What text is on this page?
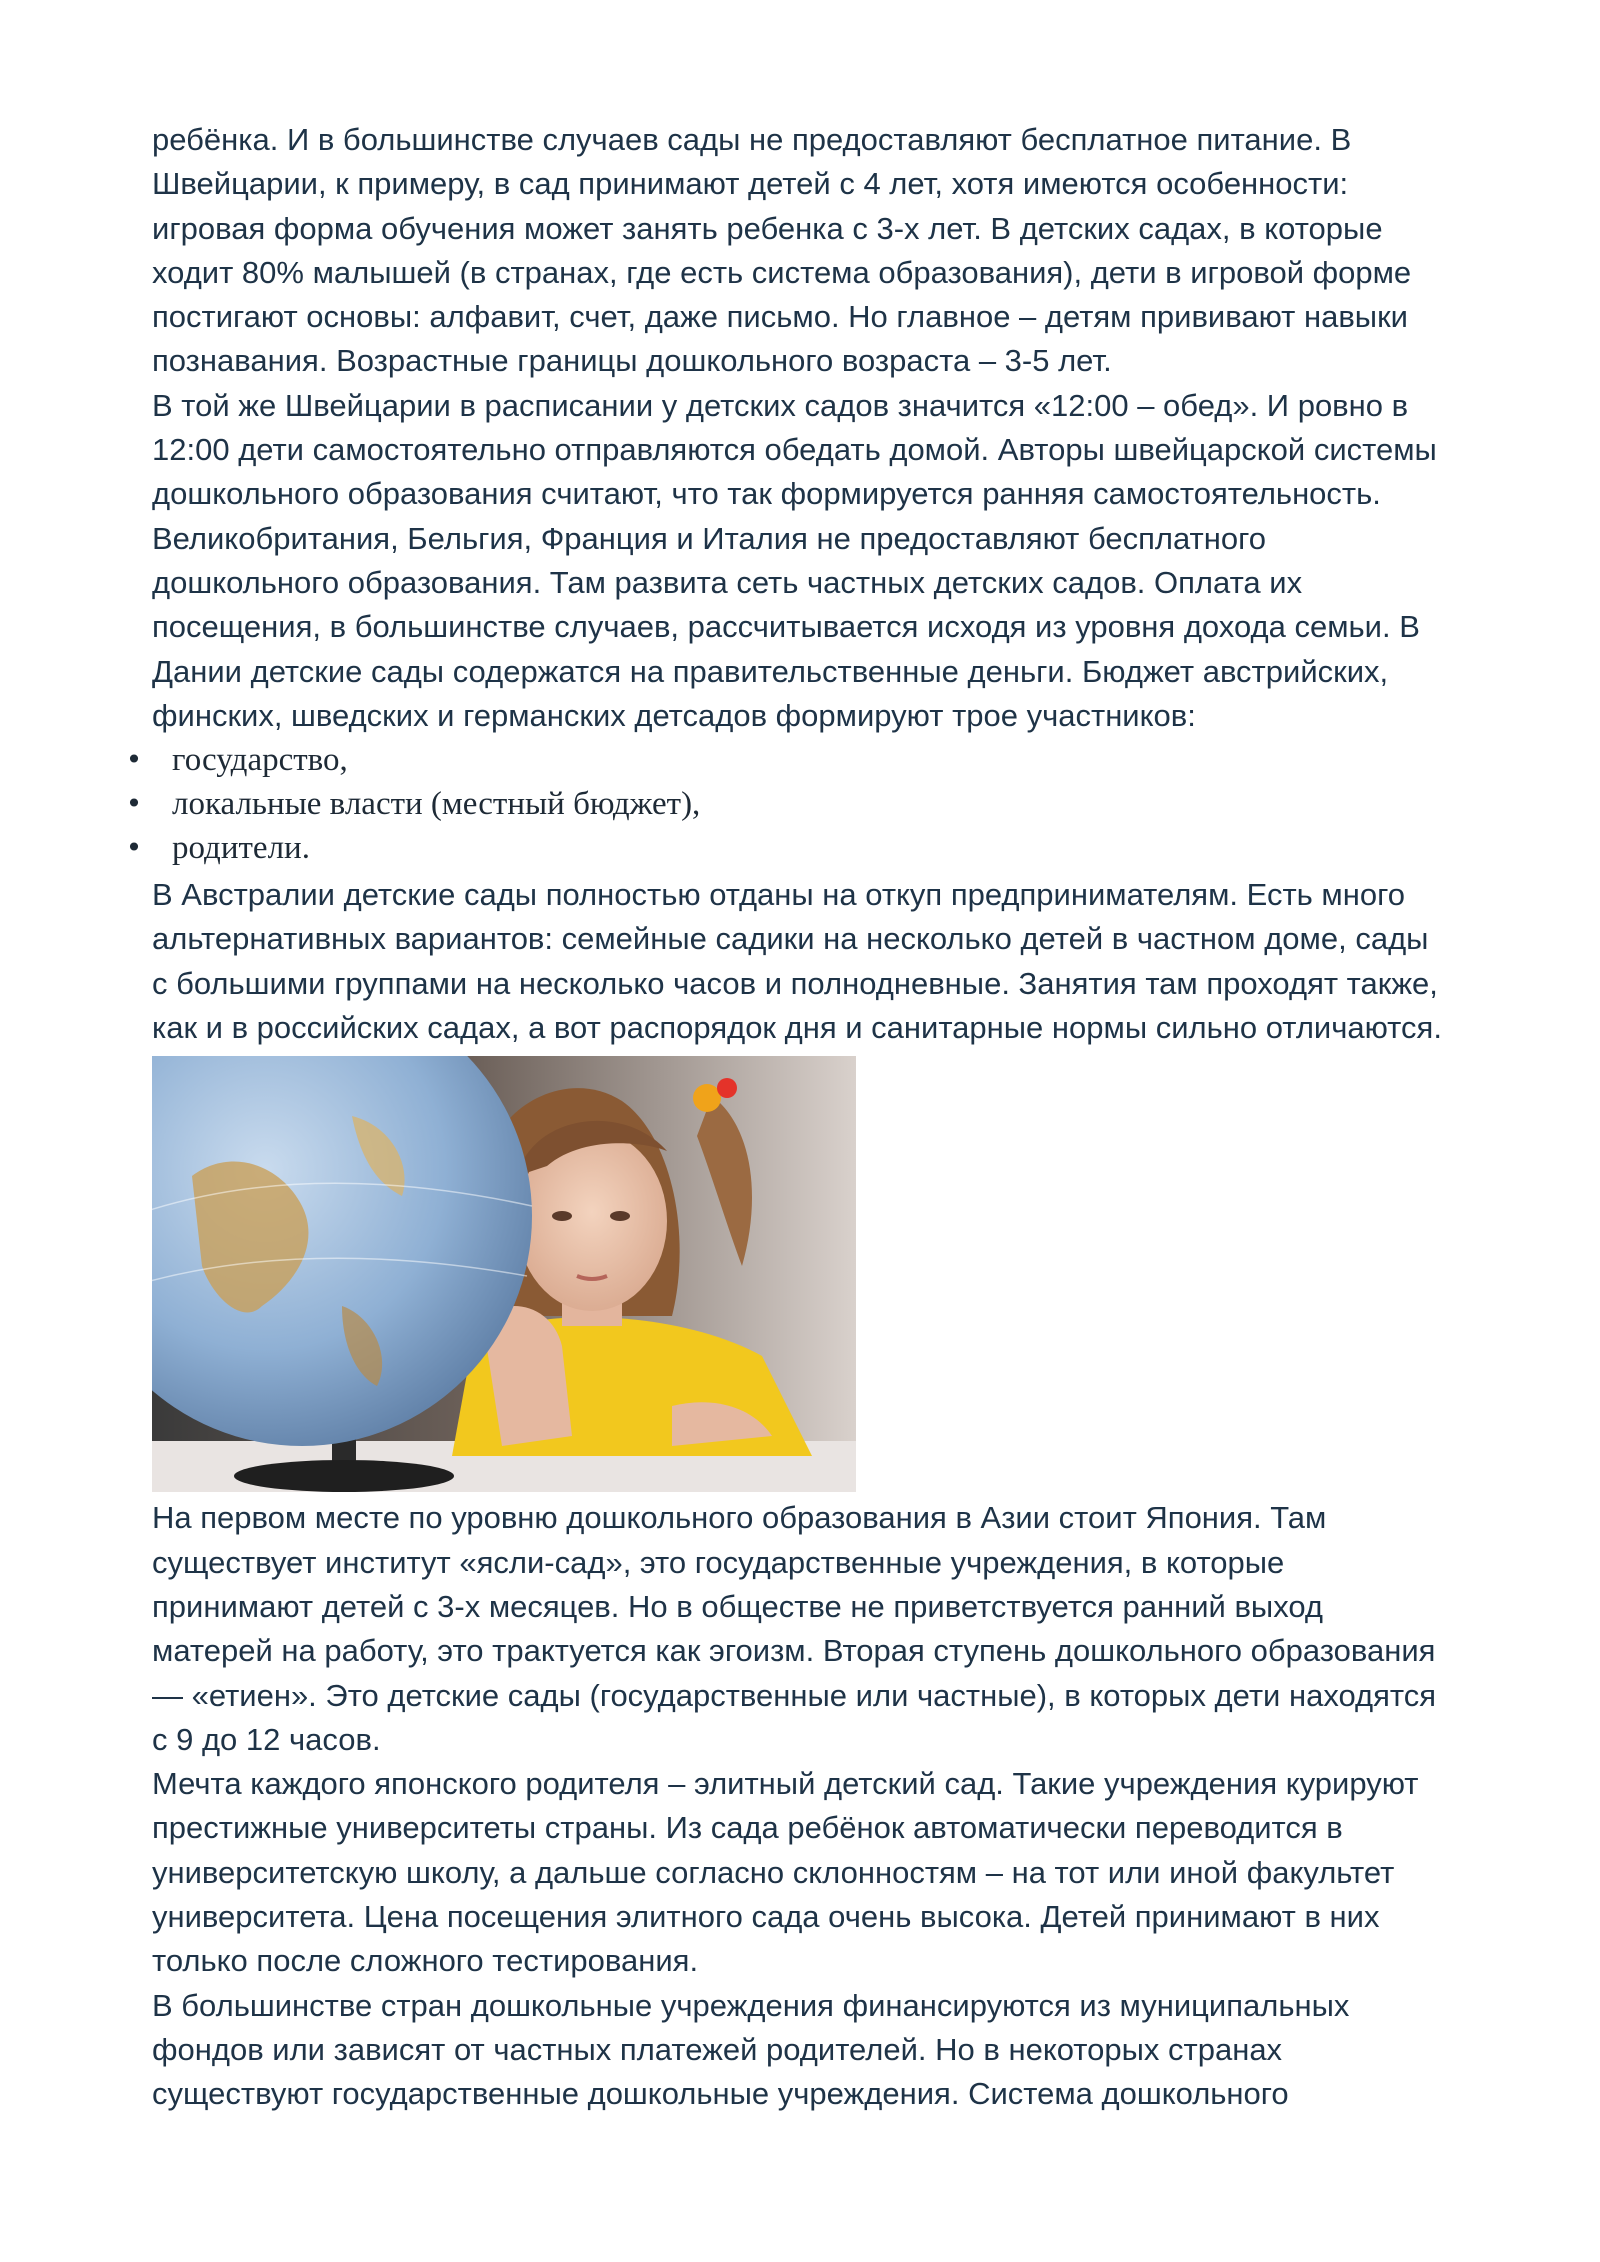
ребёнка. И в большинстве случаев сады не предоставляют бесплатное питание. В
Швейцарии, к примеру, в сад принимают детей с 4 лет, хотя имеются особенности:
игровая форма обучения может занять ребенка с 3-х лет. В детских садах, в которые
ходит 80% малышей (в странах, где есть система образования), дети в игровой форме
постигают основы: алфавит, счет, даже письмо. Но главное – детям прививают навыки
познавания. Возрастные границы дошкольного возраста – 3-5 лет.

В той же Швейцарии в расписании у детских садов значится «12:00 – обед». И ровно в
12:00 дети самостоятельно отправляются обедать домой. Авторы швейцарской системы
дошкольного образования считают, что так формируется ранняя самостоятельность.
Великобритания, Бельгия, Франция и Италия не предоставляют бесплатного
дошкольного образования. Там развита сеть частных детских садов. Оплата их
посещения, в большинстве случаев, рассчитывается исходя из уровня дохода семьи. В
Дании детские сады содержатся на правительственные деньги. Бюджет австрийских,
финских, шведских и германских детсадов формируют трое участников:

• государство,
• локальные власти (местный бюджет),
• родители.

В Австралии детские сады полностью отданы на откуп предпринимателям. Есть много
альтернативных вариантов: семейные садики на несколько детей в частном доме, сады
с большими группами на несколько часов и полнодневные. Занятия там проходят также,
как и в российских садах, а вот распорядок дня и санитарные нормы сильно отличаются.

На первом месте по уровню дошкольного образования в Азии стоит Япония. Там
существует институт «ясли-сад», это государственные учреждения, в которые
принимают детей с 3-х месяцев. Но в обществе не приветствуется ранний выход
матерей на работу, это трактуется как эгоизм. Вторая ступень дошкольного образования
— «етиен». Это детские сады (государственные или частные), в которых дети находятся
с 9 до 12 часов.

Мечта каждого японского родителя – элитный детский сад. Такие учреждения курируют
престижные университеты страны. Из сада ребёнок автоматически переводится в
университетскую школу, а дальше согласно склонностям – на тот или иной факультет
университета. Цена посещения элитного сада очень высока. Детей принимают в них
только после сложного тестирования.

В большинстве стран дошкольные учреждения финансируются из муниципальных
фондов или зависят от частных платежей родителей. Но в некоторых странах
существуют государственные дошкольные учреждения. Система дошкольного
